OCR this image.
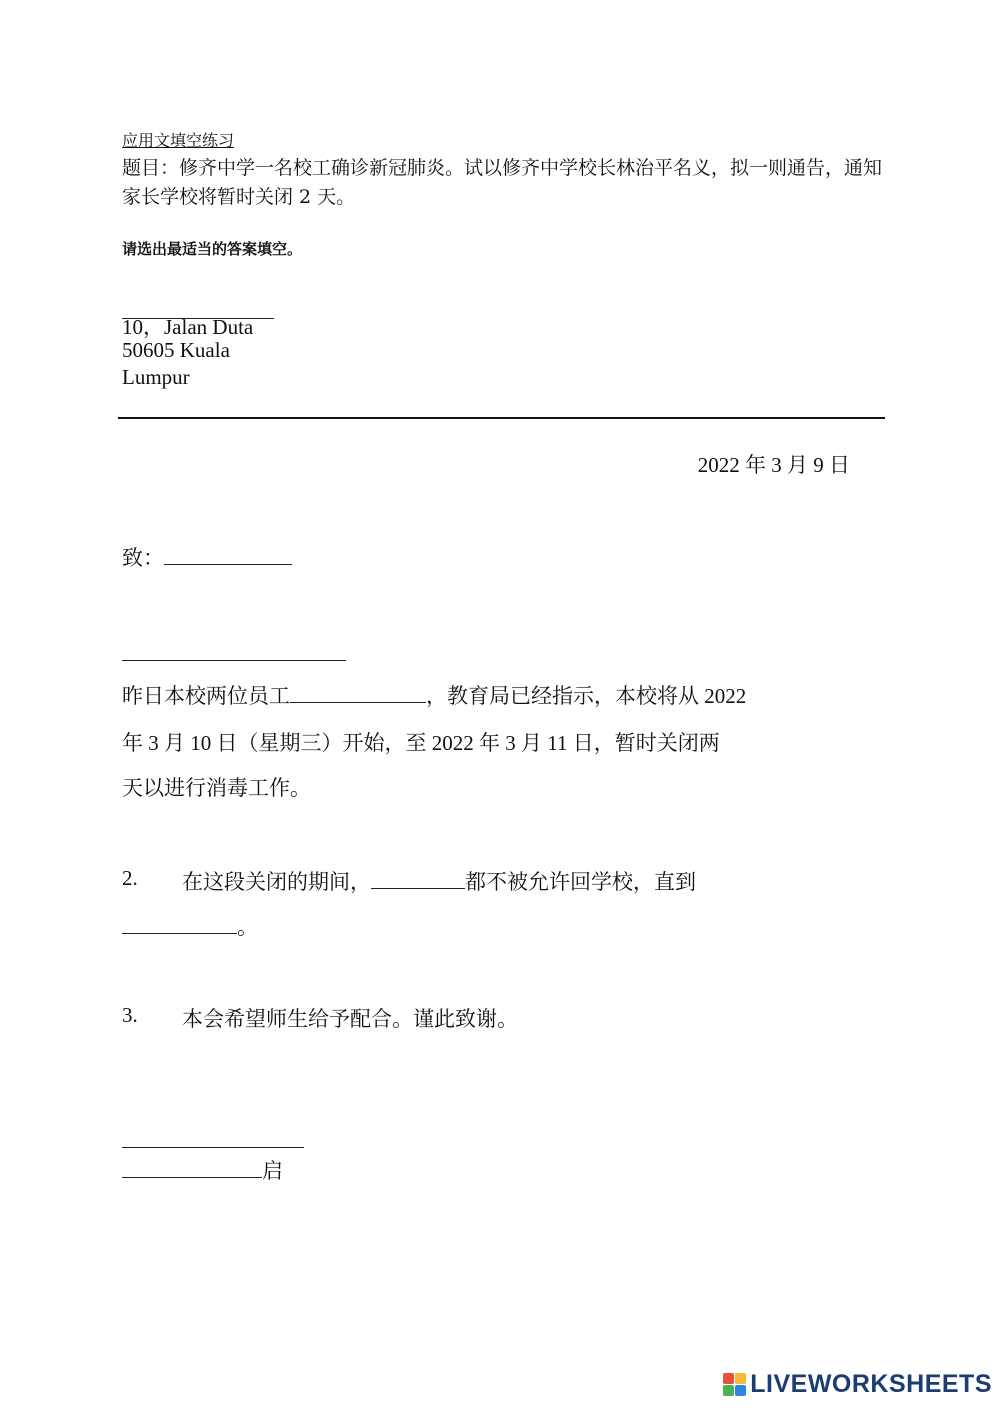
应用文填空练习
题目：修齐中学一名校工确诊新冠肺炎。试以修齐中学校长林治平名义，拟一则通告，通知家长学校将暂时关闭 2 天。
请选出最适当的答案填空。
10，Jalan Duta
50605 Kuala
Lumpur
2022 年 3 月 9 日
致：
昨日本校两位员工	，教育局已经指示，本校将从 2022
年 3 月 10 日（星期三）开始，至 2022 年 3 月 11 日，暂时关闭两
天以进行消毒工作。
2. 在这段关闭的期间，	都不被允许回学校，直到
。
3. 本会希望师生给予配合。谨此致谢。
启
LIVEWORKSHEETS
